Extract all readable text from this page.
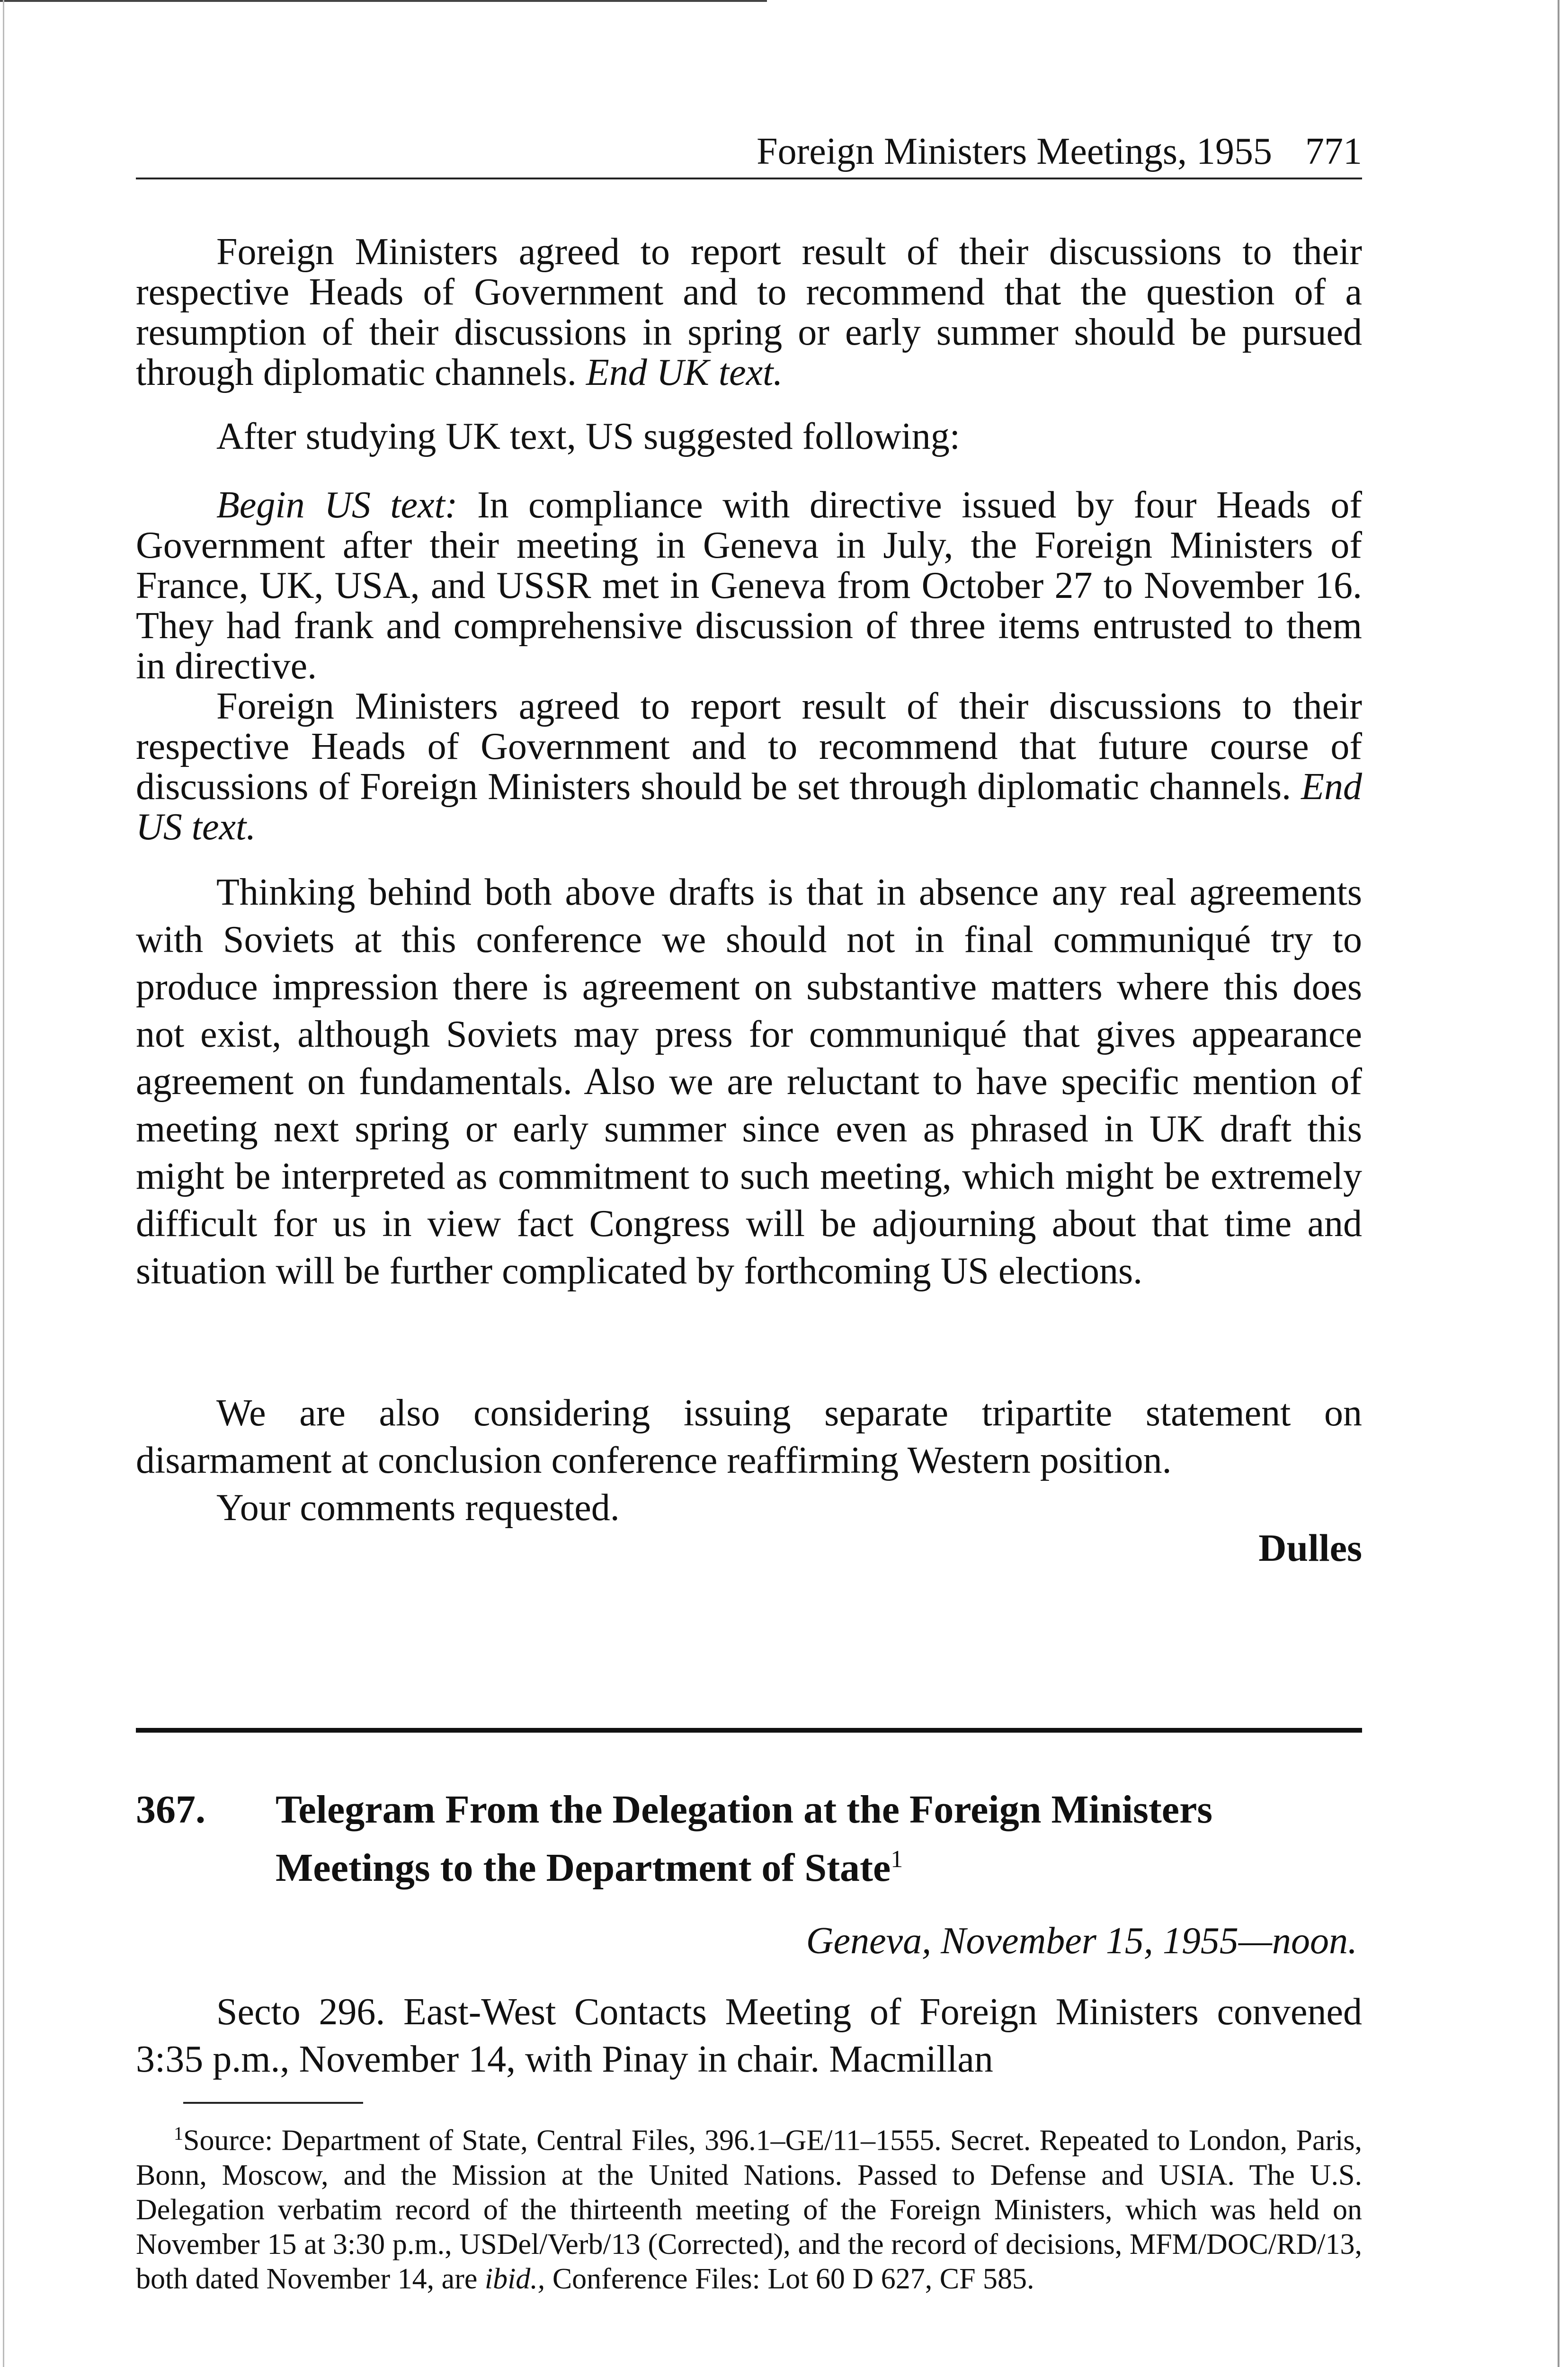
Foreign Ministers Meetings, 1955 771

Foreign Ministers agreed to report result of their discussions to their respective Heads of Government and to recommend that the question of a resumption of their discussions in spring or early summer should be pursued through diplomatic channels. End UK text.

After studying UK text, US suggested following:

Begin US text: In compliance with directive issued by four Heads of Government after their meeting in Geneva in July, the Foreign Ministers of France, UK, USA, and USSR met in Geneva from October 27 to November 16. They had frank and comprehensive discussion of three items entrusted to them in directive.

Foreign Ministers agreed to report result of their discussions to their respective Heads of Government and to recommend that future course of discussions of Foreign Ministers should be set through diplomatic channels. End US text.

Thinking behind both above drafts is that in absence any real agreements with Soviets at this conference we should not in final communiqué try to produce impression there is agreement on substantive matters where this does not exist, although Soviets may press for communiqué that gives appearance agreement on fundamentals. Also we are reluctant to have specific mention of meeting next spring or early summer since even as phrased in UK draft this might be interpreted as commitment to such meeting, which might be extremely difficult for us in view fact Congress will be adjourning about that time and situation will be further complicated by forthcoming US elections.

We are also considering issuing separate tripartite statement on disarmament at conclusion conference reaffirming Western position.

Your comments requested.

Dulles
367.	Telegram From the Delegation at the Foreign Ministers Meetings to the Department of State$^1$
Geneva, November 15, 1955—noon.

Secto 296. East-West Contacts Meeting of Foreign Ministers convened 3:35 p.m., November 14, with Pinay in chair. Macmillan

$^1$Source: Department of State, Central Files, 396.1–GE/11–1555. Secret. Repeated to London, Paris, Bonn, Moscow, and the Mission at the United Nations. Passed to Defense and USIA. The U.S. Delegation verbatim record of the thirteenth meeting of the Foreign Ministers, which was held on November 15 at 3:30 p.m., USDel/Verb/13 (Corrected), and the record of decisions, MFM/DOC/RD/13, both dated November 14, are ibid., Conference Files: Lot 60 D 627, CF 585.
